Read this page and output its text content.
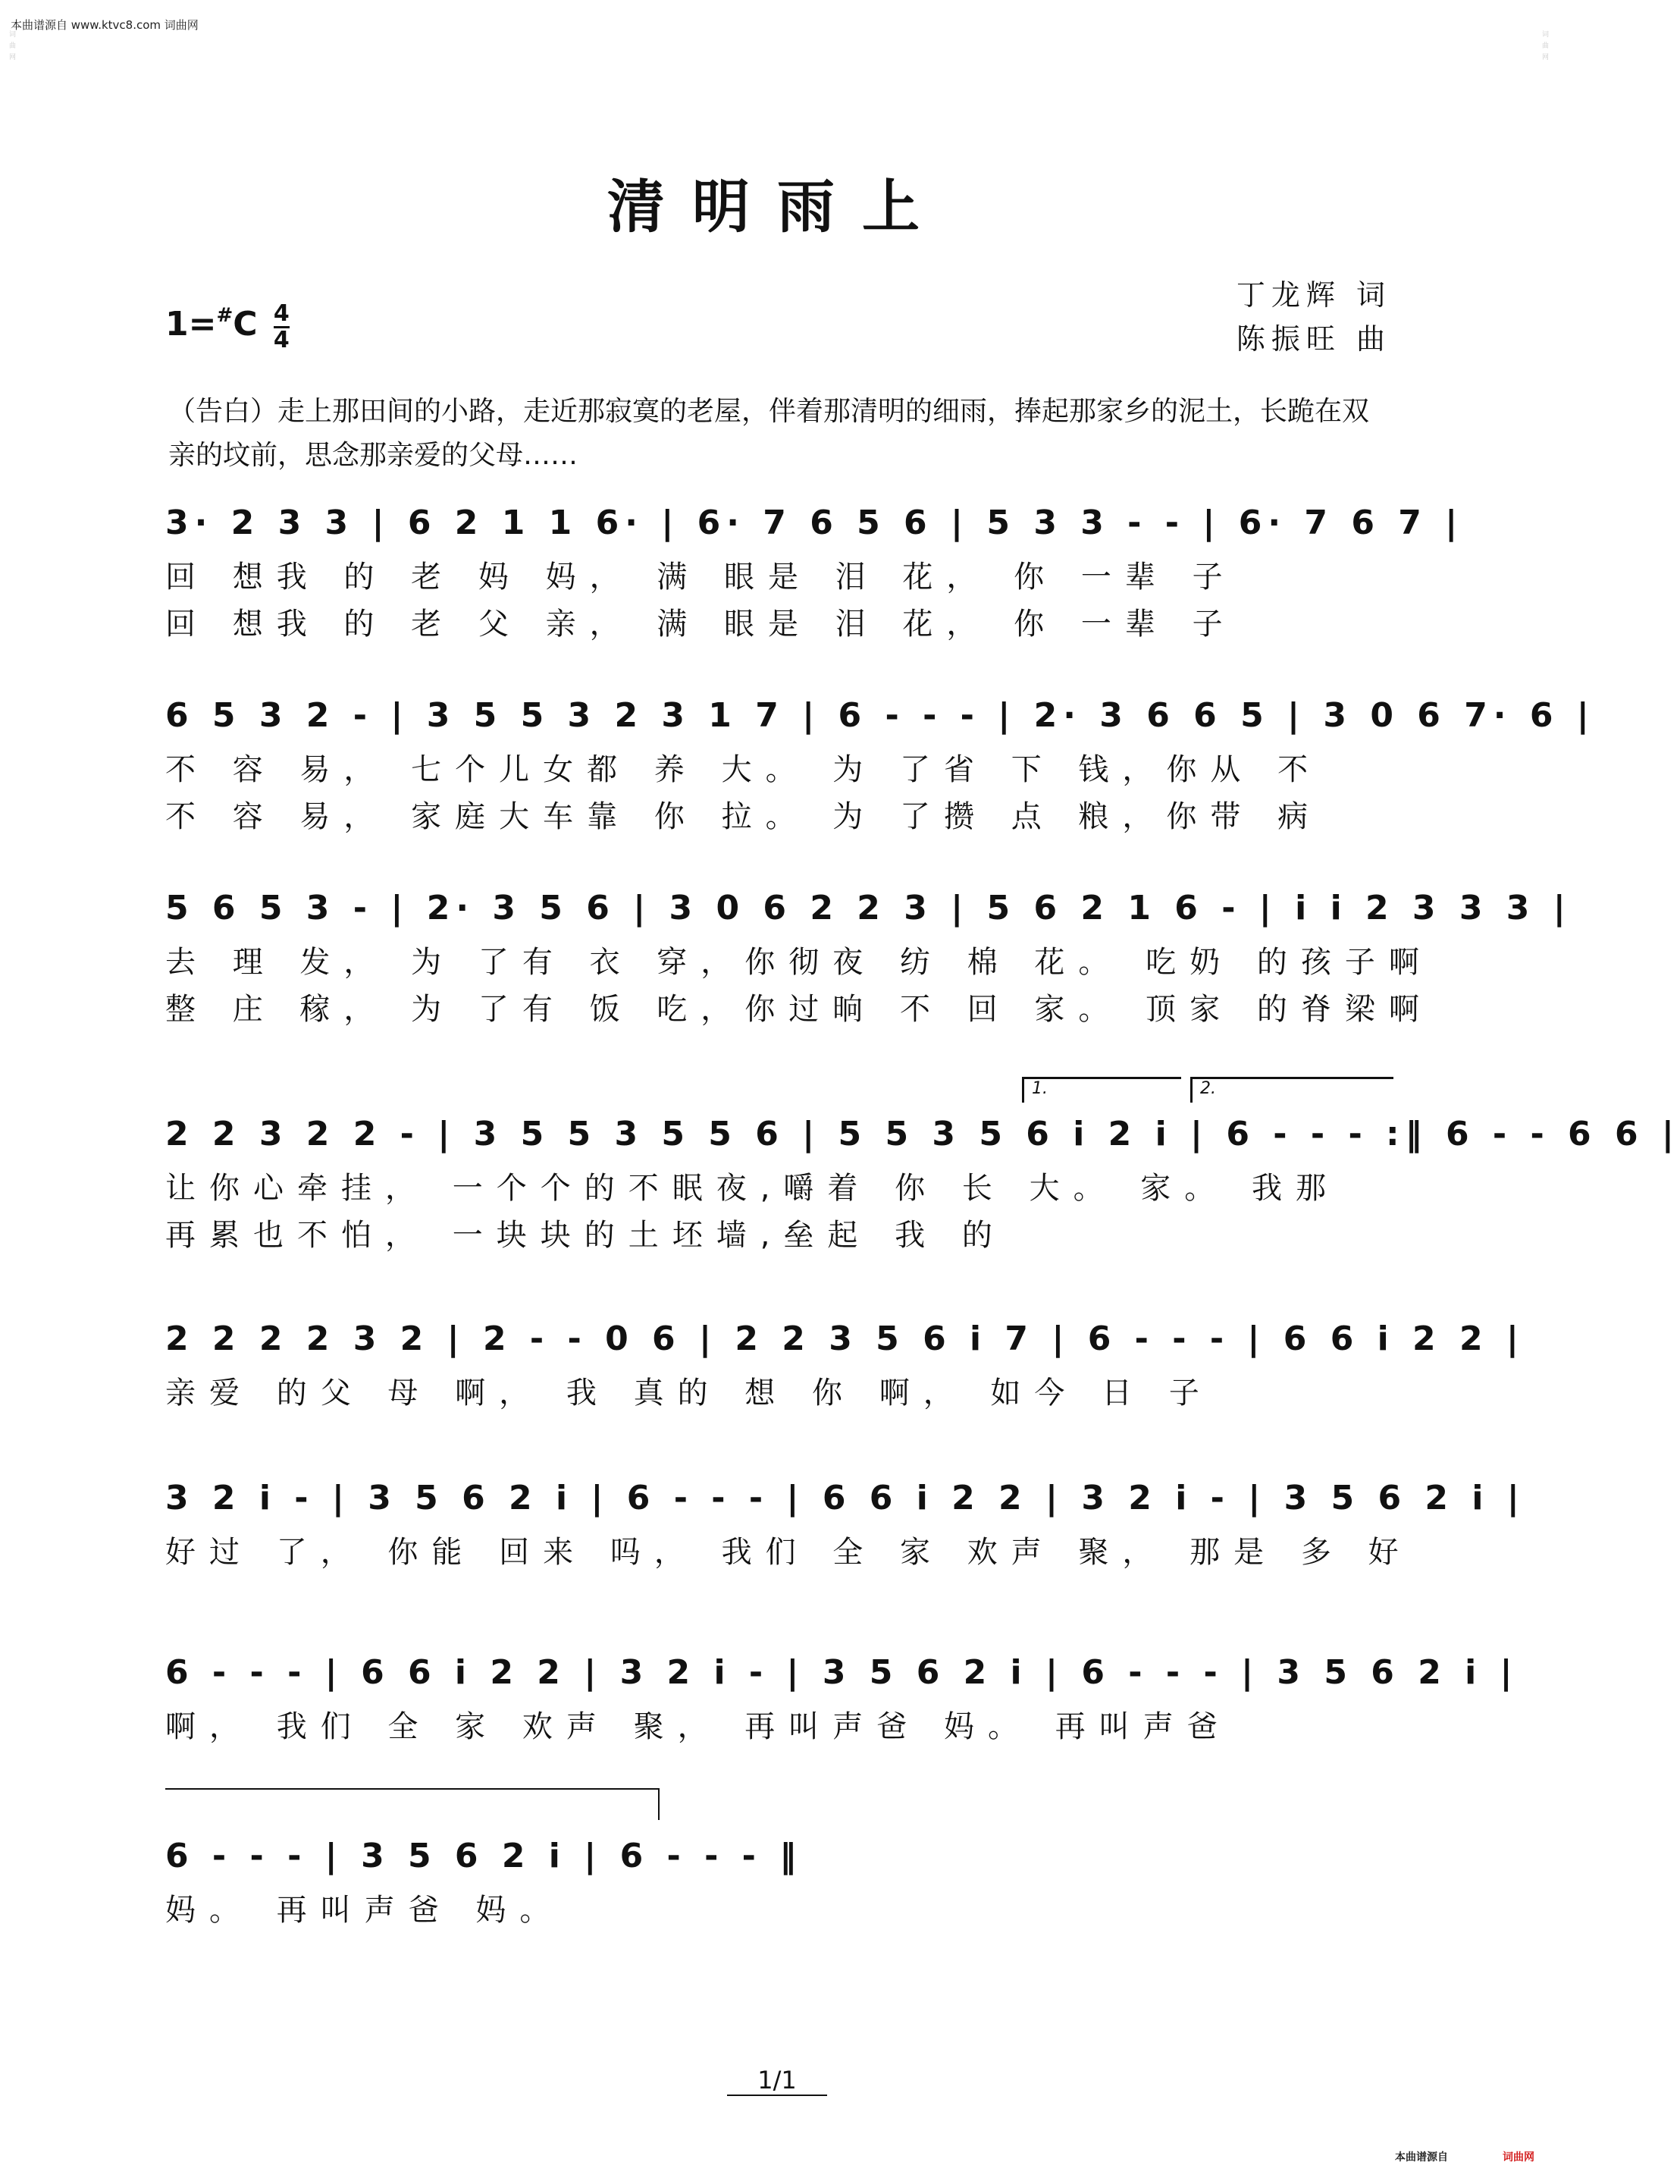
本曲谱源自 www.ktvc8.com 词曲网
词曲网
词曲网
清明雨上
$1=^{\#}C \frac{4}{4}$
丁龙辉 词
陈振旺 曲
（告白）走上那田间的小路，走近那寂寞的老屋，伴着那清明的细雨，捧起那家乡的泥土，长跪在双亲的坟前，思念那亲爱的父母……
3· 2 3 3 | 6 2 1 1 6· | 6· 7 6 5 6 | 5 3 3 - - | 6· 7 6 7 |
回 想我 的 老 妈 妈， 满 眼是 泪 花， 你 一辈 子
回 想我 的 老 父 亲， 满 眼是 泪 花， 你 一辈 子
6 5 3 2 - | 3 5 5 3 2 3 1 7 | 6 - - - | 2· 3 6 6 5 | 3 0 6 7· 6 |
不 容 易， 七个儿女都 养 大。 为 了省 下 钱，你从 不
不 容 易， 家庭大车靠 你 拉。 为 了攒 点 粮，你带 病
5 6 5 3 - | 2· 3 5 6 | 3 0 6 2 2 3 | 5 6 2 1 6 - | i i 2 3 3 3 |
去 理 发， 为 了有 衣 穿，你彻夜 纺 棉 花。 吃奶 的孩子啊
整 庄 稼， 为 了有 饭 吃，你过晌 不 回 家。 顶家 的脊梁啊
1.	2.
2 2 3 2 2 - | 3 5 5 3 5 5 6 | 5 5 3 5 6 i 2 i | 6 - - - :‖ 6 - - 6 6 |
让你心牵挂， 一个个的不眠夜,嚼着 你 长 大。 家。 我那
再累也不怕， 一块块的土坯墙,垒起 我 的
2 2 2 2 3 2 | 2 - - 0 6 | 2 2 3 5 6 i 7 | 6 - - - | 6 6 i 2 2 |
亲爱 的父 母 啊， 我 真的 想 你 啊， 如今 日 子
3 2 i - | 3 5 6 2 i | 6 - - - | 6 6 i 2 2 | 3 2 i - | 3 5 6 2 i |
好过 了， 你能 回来 吗， 我们 全 家 欢声 聚， 那是 多 好
6 - - - | 6 6 i 2 2 | 3 2 i - | 3 5 6 2 i | 6 - - - | 3 5 6 2 i |
啊， 我们 全 家 欢声 聚， 再叫声爸 妈。 再叫声爸
6 - - - | 3 5 6 2 i | 6 - - - ‖
妈。 再叫声爸 妈。
1/1
本曲谱源自	词曲网
